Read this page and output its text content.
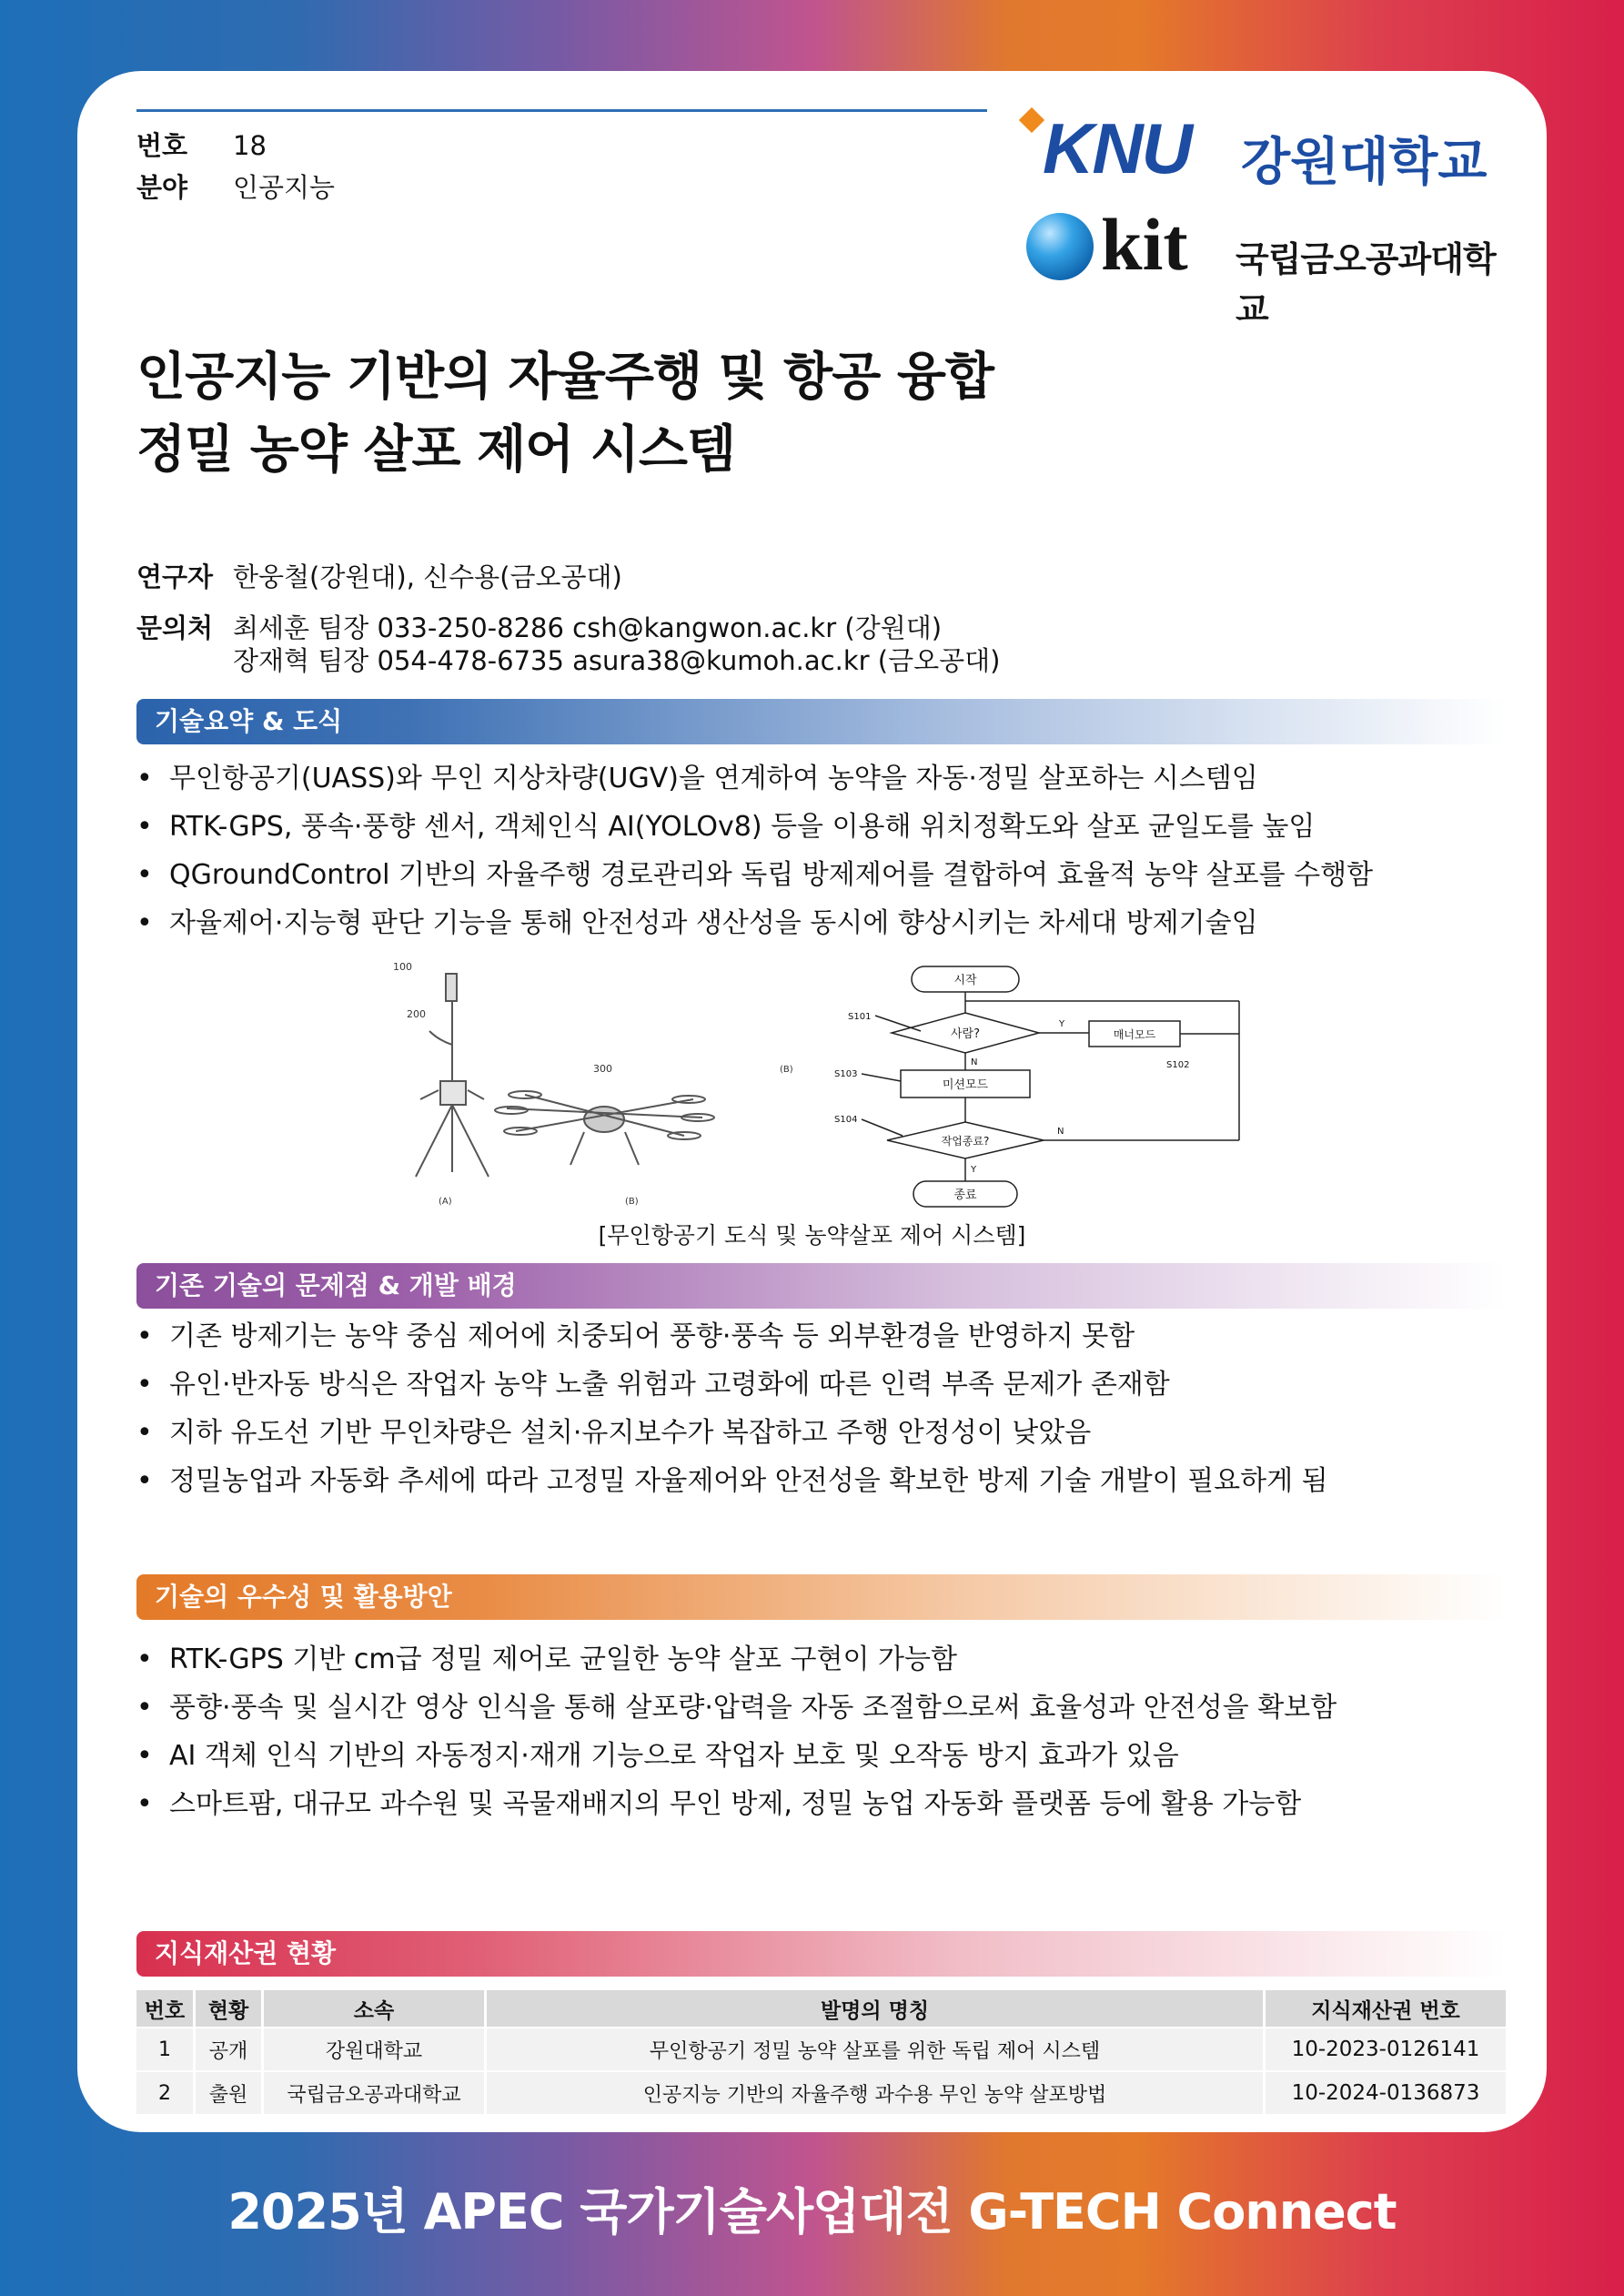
번호	18
분야	인공지능	KNU 강원대학교
kit 국립금오공과대학교
인공지능 기반의 자율주행 및 항공 융합
정밀 농약 살포 제어 시스템
연구자 한웅철(강원대), 신수용(금오공대)
문의처 최세훈 팀장 033-250-8286 csh@kangwon.ac.kr (강원대)
장재혁 팀장 054-478-6735 asura38@kumoh.ac.kr (금오공대)
기술요약 & 도식
• 무인항공기(UASS)와 무인 지상차량(UGV)을 연계하여 농약을 자동·정밀 살포하는 시스템임
• RTK-GPS, 풍속·풍향 센서, 객체인식 AI(YOLOv8) 등을 이용해 위치정확도와 살포 균일도를 높임
• QGroundControl 기반의 자율주행 경로관리와 독립 방제제어를 결합하여 효율적 농약 살포를 수행함
• 자율제어·지능형 판단 기능을 통해 안전성과 생산성을 동시에 향상시키는 차세대 방제기술임
100
200
300
(A)	(B)
(B)
시작
사람?
Y
매너모드
S102
N
미션모드
작업종료?
N
Y
종료
S101
S103
S104
[무인항공기 도식 및 농약살포 제어 시스템]
기존 기술의 문제점 & 개발 배경
• 기존 방제기는 농약 중심 제어에 치중되어 풍향·풍속 등 외부환경을 반영하지 못함
• 유인·반자동 방식은 작업자 농약 노출 위험과 고령화에 따른 인력 부족 문제가 존재함
• 지하 유도선 기반 무인차량은 설치·유지보수가 복잡하고 주행 안정성이 낮았음
• 정밀농업과 자동화 추세에 따라 고정밀 자율제어와 안전성을 확보한 방제 기술 개발이 필요하게 됨
기술의 우수성 및 활용방안
• RTK-GPS 기반 cm급 정밀 제어로 균일한 농약 살포 구현이 가능함
• 풍향·풍속 및 실시간 영상 인식을 통해 살포량·압력을 자동 조절함으로써 효율성과 안전성을 확보함
• AI 객체 인식 기반의 자동정지·재개 기능으로 작업자 보호 및 오작동 방지 효과가 있음
• 스마트팜, 대규모 과수원 및 곡물재배지의 무인 방제, 정밀 농업 자동화 플랫폼 등에 활용 가능함
지식재산권 현황
번호	현황	소속	발명의 명칭	지식재산권 번호
1	공개	강원대학교	무인항공기 정밀 농약 살포를 위한 독립 제어 시스템	10-2023-0126141
2	출원	국립금오공과대학교	인공지능 기반의 자율주행 과수용 무인 농약 살포방법	10-2024-0136873
2025년 APEC 국가기술사업대전 G-TECH Connect
